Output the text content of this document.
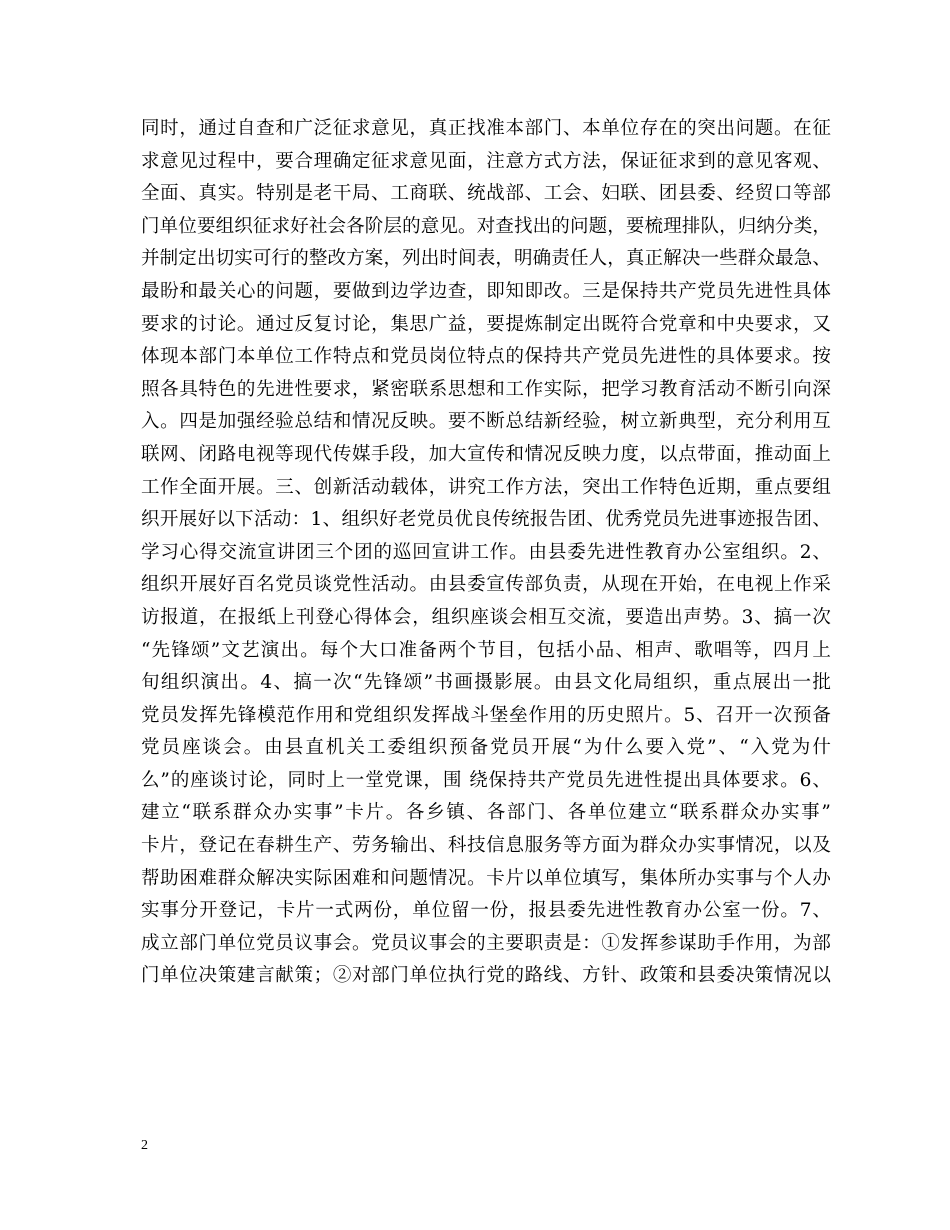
同时，通过自查和广泛征求意见，真正找准本部门、本单位存在的突出问题。在征
求意见过程中，要合理确定征求意见面，注意方式方法，保证征求到的意见客观、
全面、真实。特别是老干局、工商联、统战部、工会、妇联、团县委、经贸口等部
门单位要组织征求好社会各阶层的意见。对查找出的问题，要梳理排队，归纳分类，
并制定出切实可行的整改方案，列出时间表，明确责任人，真正解决一些群众最急、
最盼和最关心的问题，要做到边学边查，即知即改。三是保持共产党员先进性具体
要求的讨论。通过反复讨论，集思广益，要提炼制定出既符合党章和中央要求，又
体现本部门本单位工作特点和党员岗位特点的保持共产党员先进性的具体要求。按
照各具特色的先进性要求，紧密联系思想和工作实际，把学习教育活动不断引向深
入。四是加强经验总结和情况反映。要不断总结新经验，树立新典型，充分利用互
联网、闭路电视等现代传媒手段，加大宣传和情况反映力度，以点带面，推动面上
工作全面开展。三、创新活动载体，讲究工作方法，突出工作特色近期，重点要组
织开展好以下活动：1、组织好老党员优良传统报告团、优秀党员先进事迹报告团、
学习心得交流宣讲团三个团的巡回宣讲工作。由县委先进性教育办公室组织。2、
组织开展好百名党员谈党性活动。由县委宣传部负责，从现在开始，在电视上作采
访报道，在报纸上刊登心得体会，组织座谈会相互交流，要造出声势。3、搞一次
“先锋颂”文艺演出。每个大口准备两个节目，包括小品、相声、歌唱等，四月上
旬组织演出。4、搞一次“先锋颂”书画摄影展。由县文化局组织，重点展出一批
党员发挥先锋模范作用和党组织发挥战斗堡垒作用的历史照片。5、召开一次预备
党员座谈会。由县直机关工委组织预备党员开展“为什么要入党”、“入党为什
么”的座谈讨论，同时上一堂党课，围 绕保持共产党员先进性提出具体要求。6、
建立“联系群众办实事”卡片。各乡镇、各部门、各单位建立“联系群众办实事”
卡片，登记在春耕生产、劳务输出、科技信息服务等方面为群众办实事情况，以及
帮助困难群众解决实际困难和问题情况。卡片以单位填写，集体所办实事与个人办
实事分开登记，卡片一式两份，单位留一份，报县委先进性教育办公室一份。7、
成立部门单位党员议事会。党员议事会的主要职责是：①发挥参谋助手作用，为部
门单位决策建言献策；②对部门单位执行党的路线、方针、政策和县委决策情况以
2
